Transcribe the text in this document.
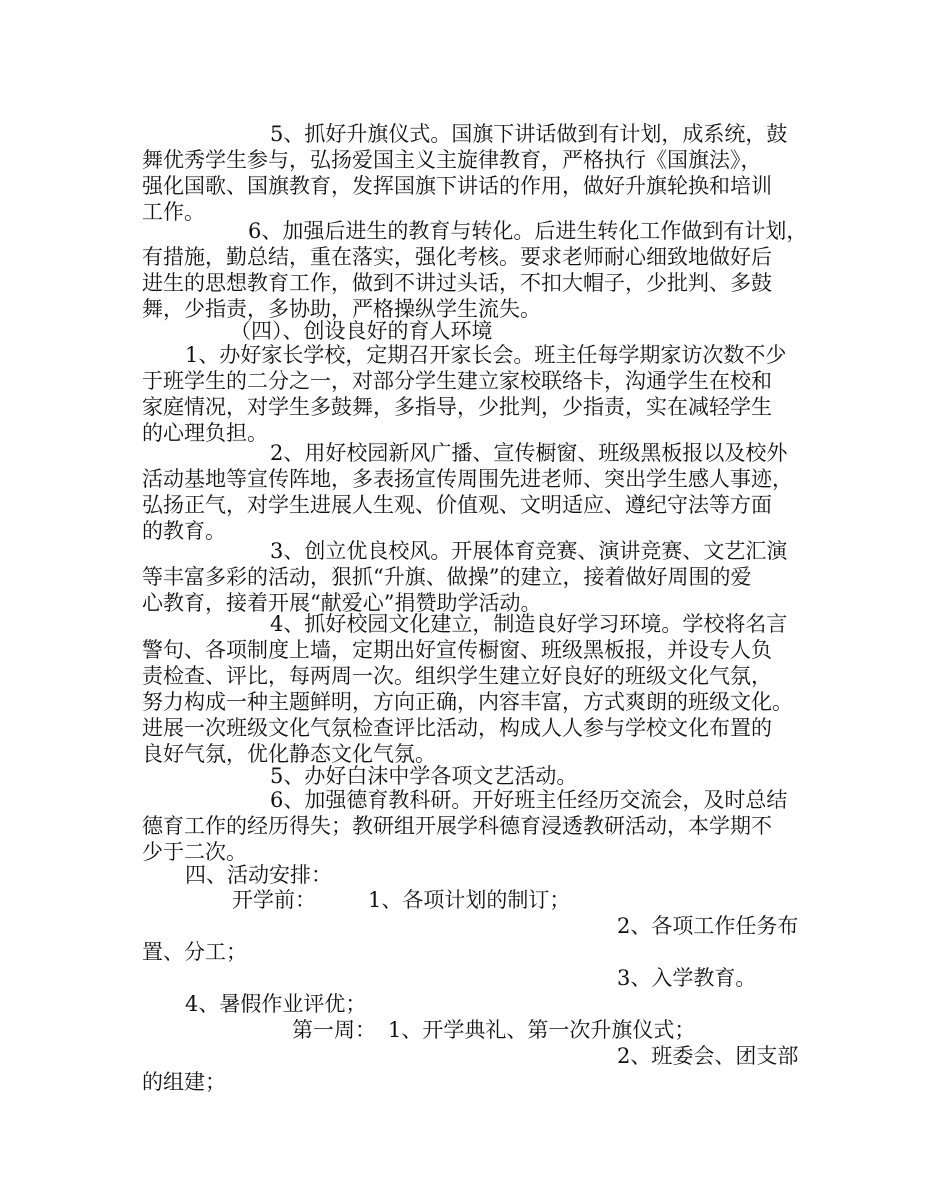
5、抓好升旗仪式。国旗下讲话做到有计划，成系统，鼓

舞优秀学生参与，弘扬爱国主义主旋律教育，严格执行《国旗法》，

强化国歌、国旗教育，发挥国旗下讲话的作用，做好升旗轮换和培训

工作。

6、加强后进生的教育与转化。后进生转化工作做到有计划，

有措施，勤总结，重在落实，强化考核。要求老师耐心细致地做好后

进生的思想教育工作，做到不讲过头话，不扣大帽子，少批判、多鼓

舞，少指责，多协助，严格操纵学生流失。

（四）、创设良好的育人环境

1、办好家长学校，定期召开家长会。班主任每学期家访次数不少

于班学生的二分之一，对部分学生建立家校联络卡，沟通学生在校和

家庭情况，对学生多鼓舞，多指导，少批判，少指责，实在减轻学生

的心理负担。

2、用好校园新风广播、宣传橱窗、班级黑板报以及校外

活动基地等宣传阵地，多表扬宣传周围先进老师、突出学生感人事迹，

弘扬正气，对学生进展人生观、价值观、文明适应、遵纪守法等方面

的教育。

3、创立优良校风。开展体育竞赛、演讲竞赛、文艺汇演

等丰富多彩的活动，狠抓“升旗、做操”的建立，接着做好周围的爱

心教育，接着开展“献爱心”捐赞助学活动。

4、抓好校园文化建立，制造良好学习环境。学校将名言

警句、各项制度上墙，定期出好宣传橱窗、班级黑板报，并设专人负

责检查、评比，每两周一次。组织学生建立好良好的班级文化气氛，

努力构成一种主题鲜明，方向正确，内容丰富，方式爽朗的班级文化。

进展一次班级文化气氛检查评比活动，构成人人参与学校文化布置的

良好气氛，优化静态文化气氛。

5、办好白沫中学各项文艺活动。

6、加强德育教科研。开好班主任经历交流会，及时总结

德育工作的经历得失；教研组开展学科德育浸透教研活动，本学期不

少于二次。

四、活动安排：

开学前： 1、各项计划的制订；

2、各项工作任务布

置、分工；

3、入学教育。

4、暑假作业评优；

第一周： 1、开学典礼、第一次升旗仪式；

2、班委会、团支部

的组建；
